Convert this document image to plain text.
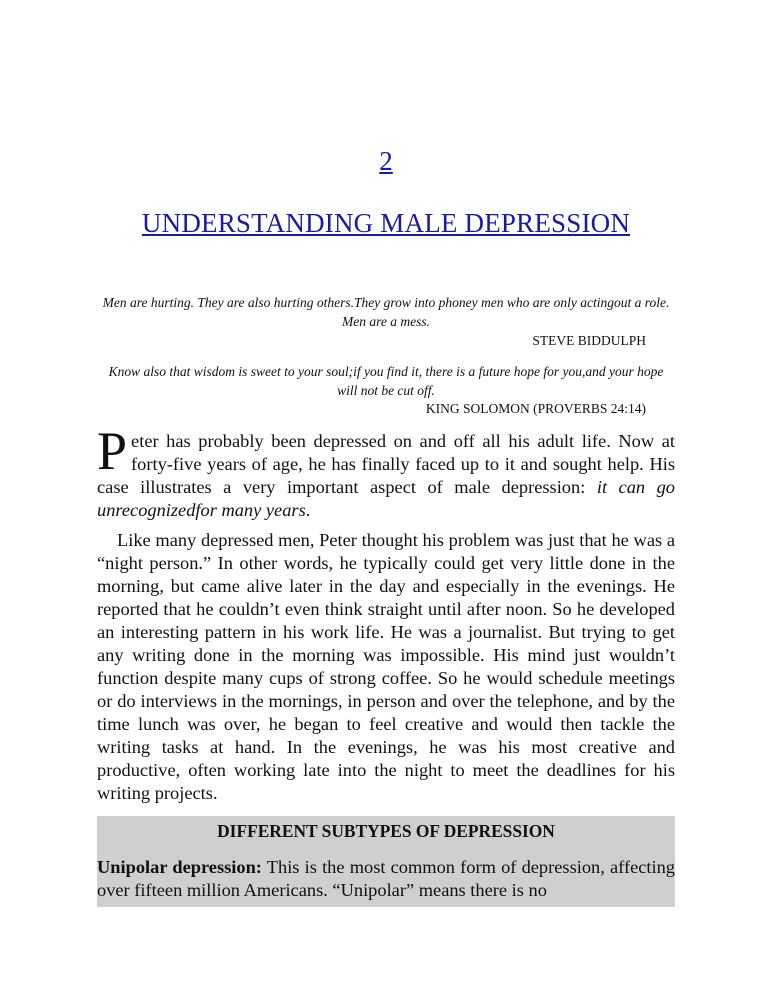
2
UNDERSTANDING MALE DEPRESSION
Men are hurting. They are also hurting others.They grow into phoney men who are only actingout a role. Men are a mess.
STEVE BIDDULPH
Know also that wisdom is sweet to your soul;if you find it, there is a future hope for you,and your hope will not be cut off.
KING SOLOMON (PROVERBS 24:14)

Peter has probably been depressed on and off all his adult life. Now at forty-five years of age, he has finally faced up to it and sought help. His case illustrates a very important aspect of male depression: it can go unrecognizedfor many years.

Like many depressed men, Peter thought his problem was just that he was a “night person.” In other words, he typically could get very little done in the morning, but came alive later in the day and especially in the evenings. He reported that he couldn’t even think straight until after noon. So he developed an interesting pattern in his work life. He was a journalist. But trying to get any writing done in the morning was impossible. His mind just wouldn’t function despite many cups of strong coffee. So he would schedule meetings or do interviews in the mornings, in person and over the telephone, and by the time lunch was over, he began to feel creative and would then tackle the writing tasks at hand. In the evenings, he was his most creative and productive, often working late into the night to meet the deadlines for his writing projects.

DIFFERENT SUBTYPES OF DEPRESSION

Unipolar depression: This is the most common form of depression, affecting over fifteen million Americans. “Unipolar” means there is no
